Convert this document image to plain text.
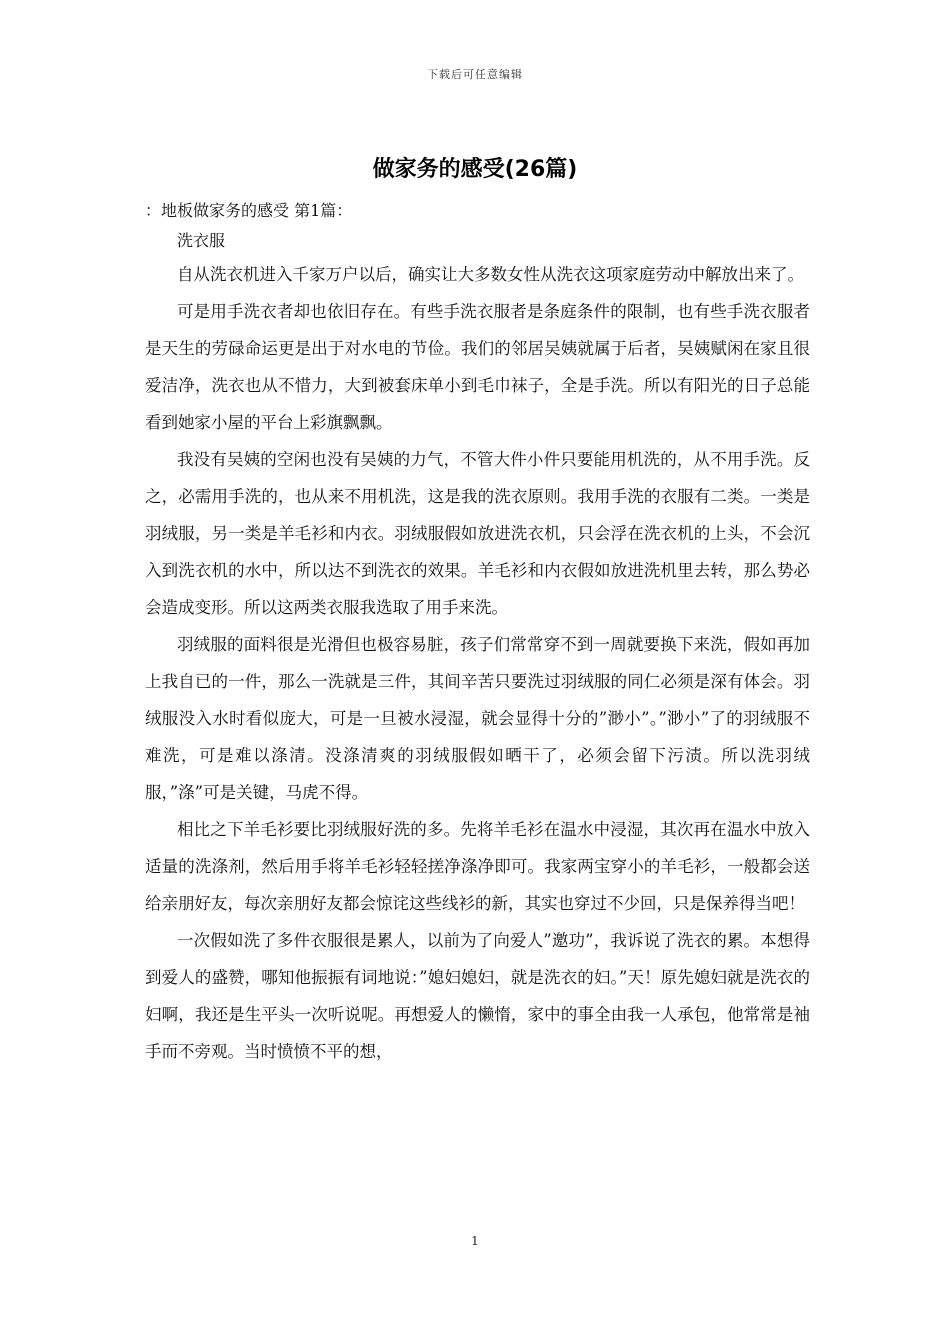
下载后可任意编辑
做家务的感受(26篇)

：地板做家务的感受 第1篇：

洗衣服

自从洗衣机进入千家万户以后，确实让大多数女性从洗衣这项家庭劳动中解放出来了。

可是用手洗衣者却也依旧存在。有些手洗衣服者是条庭条件的限制，也有些手洗衣服者是天生的劳碌命运更是出于对水电的节俭。我们的邻居吴姨就属于后者，吴姨赋闲在家且很爱洁净，洗衣也从不惜力，大到被套床单小到毛巾袜子，全是手洗。所以有阳光的日子总能看到她家小屋的平台上彩旗飘飘。

我没有吴姨的空闲也没有吴姨的力气，不管大件小件只要能用机洗的，从不用手洗。反之，必需用手洗的，也从来不用机洗，这是我的洗衣原则。我用手洗的衣服有二类。一类是羽绒服，另一类是羊毛衫和内衣。羽绒服假如放进洗衣机，只会浮在洗衣机的上头，不会沉入到洗衣机的水中，所以达不到洗衣的效果。羊毛衫和内衣假如放进洗机里去转，那么势必会造成变形。所以这两类衣服我选取了用手来洗。

羽绒服的面料很是光滑但也极容易脏，孩子们常常穿不到一周就要换下来洗，假如再加上我自已的一件，那么一洗就是三件，其间辛苦只要洗过羽绒服的同仁必须是深有体会。羽绒服没入水时看似庞大，可是一旦被水浸湿，就会显得十分的”渺小”。”渺小”了的羽绒服不难洗，可是难以涤清。没涤清爽的羽绒服假如晒干了，必须会留下污渍。所以洗羽绒服，”涤”可是关键，马虎不得。

相比之下羊毛衫要比羽绒服好洗的多。先将羊毛衫在温水中浸湿，其次再在温水中放入适量的洗涤剂，然后用手将羊毛衫轻轻搓净涤净即可。我家两宝穿小的羊毛衫，一般都会送给亲朋好友，每次亲朋好友都会惊诧这些线衫的新，其实也穿过不少回，只是保养得当吧！

一次假如洗了多件衣服很是累人，以前为了向爱人”邀功”，我诉说了洗衣的累。本想得到爱人的盛赞，哪知他振振有词地说：”媳妇媳妇，就是洗衣的妇。”天！原先媳妇就是洗衣的妇啊，我还是生平头一次听说呢。再想爱人的懒惰，家中的事全由我一人承包，他常常是袖手而不旁观。当时愤愤不平的想，

1
